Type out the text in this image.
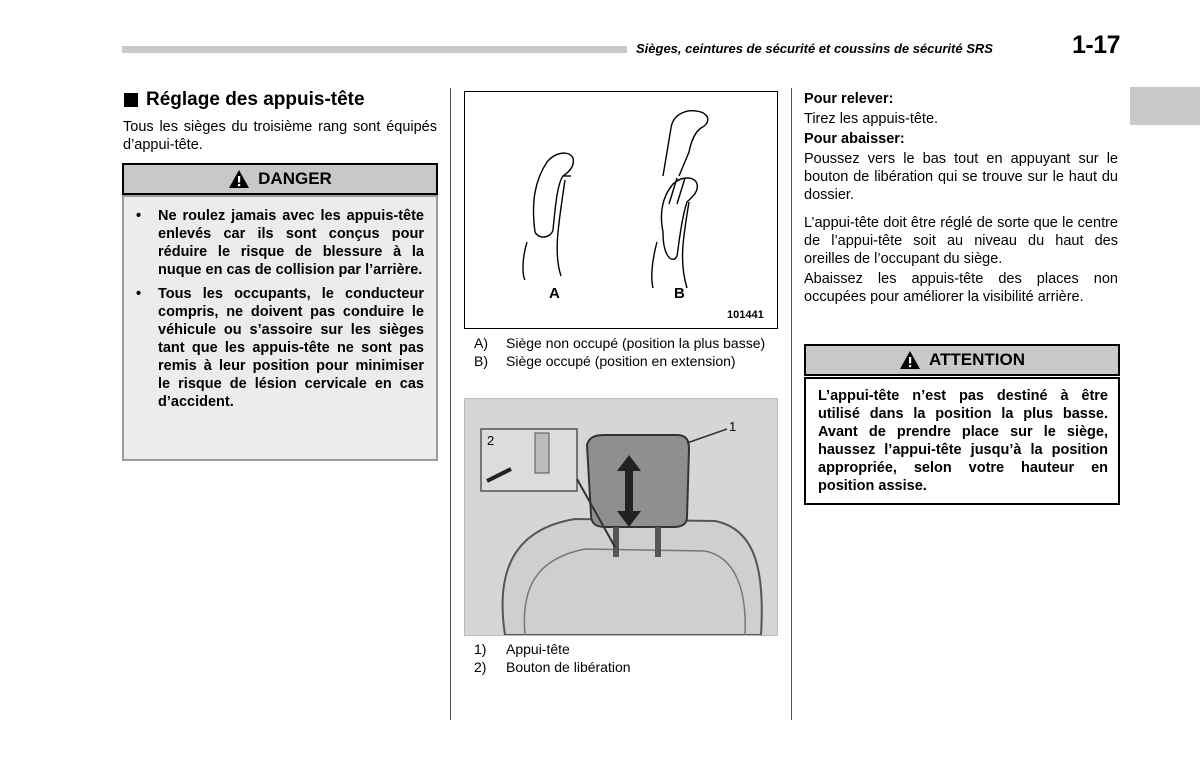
Sièges, ceintures de sécurité et coussins de sécurité SRS	1-17
Réglage des appuis-tête
Tous les sièges du troisième rang sont équipés d’appui-tête.
DANGER
• Ne roulez jamais avec les appuis-tête enlevés car ils sont conçus pour réduire le risque de blessure à la nuque en cas de collision par l’arrière.
• Tous les occupants, le conducteur compris, ne doivent pas conduire le véhicule ou s’assoire sur les sièges tant que les appuis-tête ne sont pas remis à leur position pour minimiser le risque de lésion cervicale en cas d’accident.
A	B
101441
A)	Siège non occupé (position la plus basse)
B)	Siège occupé (position en extension)
1
2
1)	Appui-tête
2)	Bouton de libération
Pour relever:
Tirez les appuis-tête.
Pour abaisser:
Poussez vers le bas tout en appuyant sur le bouton de libération qui se trouve sur le haut du dossier.
L’appui-tête doit être réglé de sorte que le centre de l’appui-tête soit au niveau du haut des oreilles de l’occupant du siège.
Abaissez les appuis-tête des places non occupées pour améliorer la visibilité arrière.
ATTENTION
L’appui-tête n’est pas destiné à être utilisé dans la position la plus basse. Avant de prendre place sur le siège, haussez l’appui-tête jusqu’à la position appropriée, selon votre hauteur en position assise.
